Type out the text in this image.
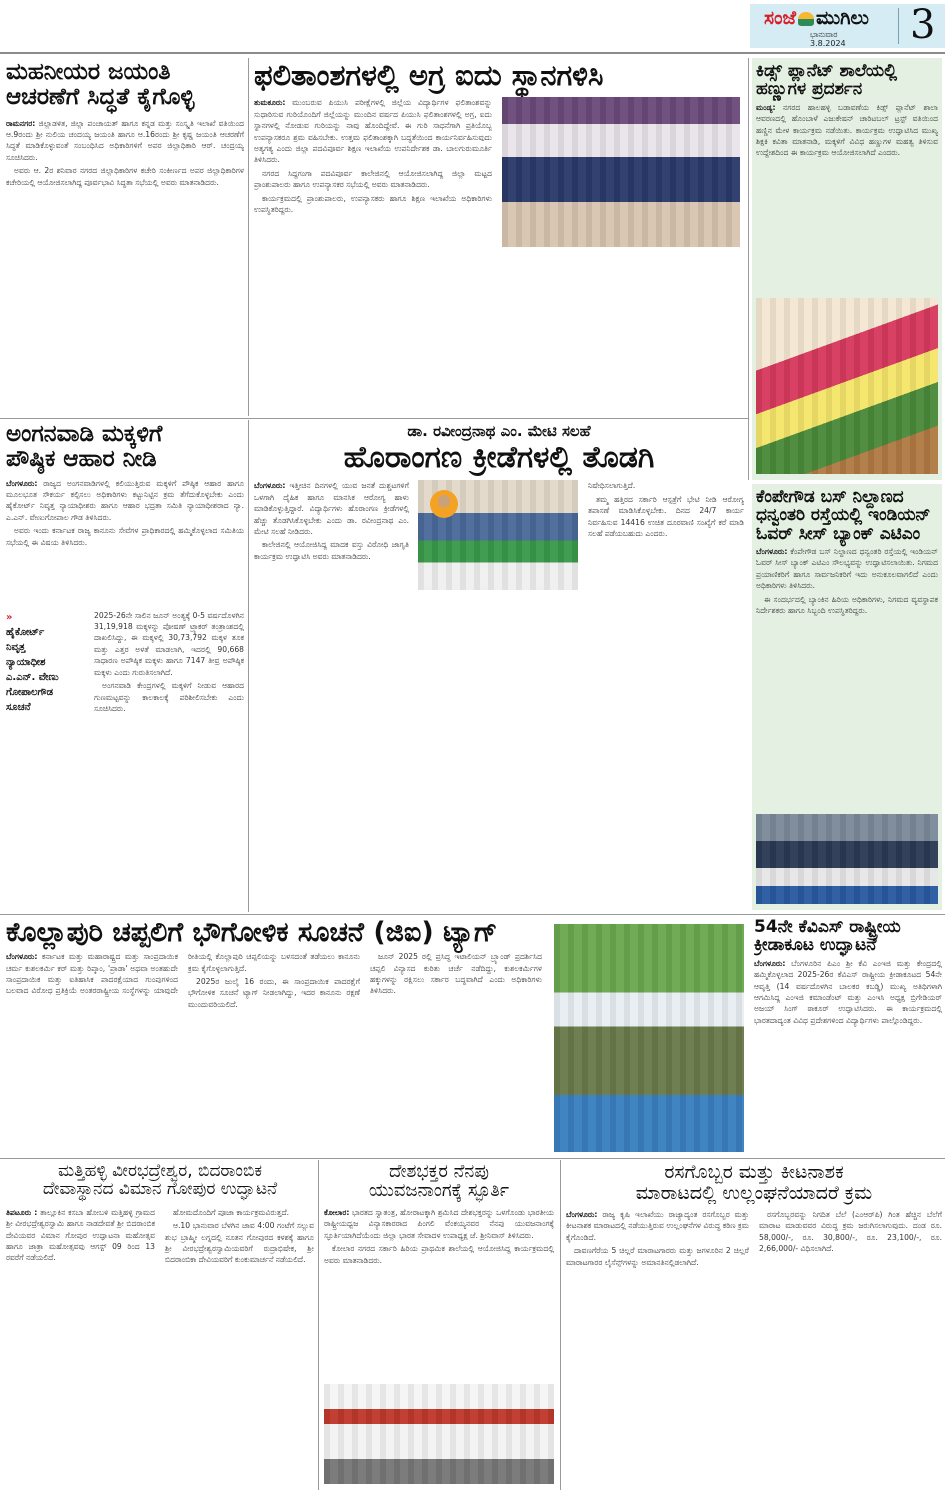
ಸಂಜೆ ಮುಗಿಲು
ಭಾನುವಾರ
3.8.2024 3
ಮಹನೀಯರ ಜಯಂತಿ
ಆಚರಣೆಗೆ ಸಿದ್ಧತೆ ಕೈಗೊಳ್ಳಿ

ರಾಮನಗರ: ಜಿಲ್ಲಾಡಳಿತ, ಜಿಲ್ಲಾ ಪಂಚಾಯತ್ ಹಾಗೂ ಕನ್ನಡ ಮತ್ತು ಸಂಸ್ಕೃತಿ ಇಲಾಖೆ ವತಿಯಿಂದ ಆ.9ರಂದು ಶ್ರೀ ನುಲಿಯ ಚಂದಯ್ಯ ಜಯಂತಿ ಹಾಗೂ ಆ.16ರಂದು ಶ್ರೀ ಕೃಷ್ಣ ಜಯಂತಿ ಆಚರಣೆಗೆ ಸಿದ್ಧತೆ ಮಾಡಿಕೊಳ್ಳುವಂತೆ ಸಂಬಂಧಿಸಿದ ಅಧಿಕಾರಿಗಳಿಗೆ ಅಪರ ಜಿಲ್ಲಾಧಿಕಾರಿ ಆರ್. ಚಂದ್ರಯ್ಯ ಸೂಚಿಸಿದರು.

ಅವರು ಆ. 2ರ ಶನಿವಾರ ನಗರದ ಜಿಲ್ಲಾಧಿಕಾರಿಗಳ ಕಚೇರಿ ಸಂಕೀರ್ಣದ ಅಪರ ಜಿಲ್ಲಾಧಿಕಾರಿಗಳ ಕಚೇರಿಯಲ್ಲಿ ಆಯೋಜಿಸಲಾಗಿದ್ದ ಪೂರ್ವಭಾವಿ ಸಿದ್ಧತಾ ಸಭೆಯಲ್ಲಿ ಅವರು ಮಾತನಾಡಿದರು.

ಫಲಿತಾಂಶಗಳಲ್ಲಿ ಅಗ್ರ ಐದು ಸ್ಥಾನಗಳಿಸಿ

ತುಮಕೂರು: ಮುಂಬರುವ ಪಿಯುಸಿ ಪರೀಕ್ಷೆಗಳಲ್ಲಿ ಜಿಲ್ಲೆಯ ವಿದ್ಯಾರ್ಥಿಗಳ ಫಲಿತಾಂಶವನ್ನು ಸುಧಾರಿಸುವ ಗುರಿಯೊಂದಿಗೆ ಜಿಲ್ಲೆಯನ್ನು ಮುಂದಿನ ವರ್ಷದ ಪಿಯುಸಿ ಫಲಿತಾಂಶಗಳಲ್ಲಿ ಅಗ್ರ, ಐದು ಸ್ಥಾನಗಳಲ್ಲಿ ನೋಡುವ ಗುರಿಯನ್ನು ನಾವು ಹೊಂದಿದ್ದೇವೆ. ಈ ಗುರಿ ಸಾಧನೆಗಾಗಿ ಪ್ರತಿಯೊಬ್ಬ ಉಪನ್ಯಾಸಕರೂ ಶ್ರಮ ವಹಿಸಬೇಕು. ಉತ್ತಮ ಫಲಿತಾಂಶಕ್ಕಾಗಿ ಬದ್ಧತೆಯಿಂದ ಕಾರ್ಯನಿರ್ವಹಿಸುವುದು ಅತ್ಯಗತ್ಯ ಎಂದು ಜಿಲ್ಲಾ ಪದವಿಪೂರ್ವ ಶಿಕ್ಷಣ ಇಲಾಖೆಯ ಉಪನಿರ್ದೇಶಕ ಡಾ. ಬಾಲಗುರುಮೂರ್ತಿ ತಿಳಿಸಿದರು.

ನಗರದ ಸಿದ್ದಗಂಗಾ ಪದವಿಪೂರ್ವ ಕಾಲೇಜಿನಲ್ಲಿ ಆಯೋಜಿಸಲಾಗಿದ್ದ ಜಿಲ್ಲಾ ಮಟ್ಟದ ಪ್ರಾಂಶುಪಾಲರು ಹಾಗೂ ಉಪನ್ಯಾಸಕರ ಸಭೆಯಲ್ಲಿ ಅವರು ಮಾತನಾಡಿದರು.

ಕಾರ್ಯಕ್ರಮದಲ್ಲಿ ಪ್ರಾಂಶುಪಾಲರು, ಉಪನ್ಯಾಸಕರು ಹಾಗೂ ಶಿಕ್ಷಣ ಇಲಾಖೆಯ ಅಧಿಕಾರಿಗಳು ಉಪಸ್ಥಿತರಿದ್ದರು.

ಕಿಡ್ಸ್ ಪ್ಲಾನೆಟ್ ಶಾಲೆಯಲ್ಲಿ
ಹಣ್ಣುಗಳ ಪ್ರದರ್ಶನ

ಮಂಡ್ಯ: ನಗರದ ಹಾಲಹಳ್ಳಿ ಬಡಾವಣೆಯ ಕಿಡ್ಸ್ ಪ್ಲಾನೆಟ್ ಶಾಲಾ ಆವರಣದಲ್ಲಿ ಹೊಂಬಾಳೆ ಎಜುಕೇಷನ್ ಚಾರಿಟಬಲ್ ಟ್ರಸ್ಟ್ ವತಿಯಿಂದ ಹಣ್ಣಿನ ಮೇಳ ಕಾರ್ಯಕ್ರಮ ನಡೆಯಿತು. ಕಾರ್ಯಕ್ರಮ ಉದ್ಘಾಟಿಸಿದ ಮುಖ್ಯ ಶಿಕ್ಷಕಿ ಕವಿತಾ ಮಾತನಾಡಿ, ಮಕ್ಕಳಿಗೆ ವಿವಿಧ ಹಣ್ಣುಗಳ ಮಹತ್ವ ತಿಳಿಸುವ ಉದ್ದೇಶದಿಂದ ಈ ಕಾರ್ಯಕ್ರಮ ಆಯೋಜಿಸಲಾಗಿದೆ ಎಂದರು.

ಅಂಗನವಾಡಿ ಮಕ್ಕಳಿಗೆ
ಪೌಷ್ಠಿಕ ಆಹಾರ ನೀಡಿ

ಬೆಂಗಳೂರು: ರಾಜ್ಯದ ಅಂಗನವಾಡಿಗಳಲ್ಲಿ ಕಲಿಯುತ್ತಿರುವ ಮಕ್ಕಳಿಗೆ ಪೌಷ್ಠಿಕ ಆಹಾರ ಹಾಗೂ ಮೂಲಭೂತ ಸೌಕರ್ಯ ಕಲ್ಪಿಸಲು ಅಧಿಕಾರಿಗಳು ಕಟ್ಟುನಿಟ್ಟಿನ ಕ್ರಮ ತೆಗೆದುಕೊಳ್ಳಬೇಕು ಎಂದು ಹೈಕೋರ್ಟ್ ನಿವೃತ್ತ ನ್ಯಾಯಾಧೀಶರು ಹಾಗೂ ಆಹಾರ ಭದ್ರತಾ ಸಮಿತಿ ನ್ಯಾಯಾಧೀಶರಾದ ನ್ಯಾ. ಎ.ಎನ್. ವೇಣುಗೋಪಾಲ ಗೌಡ ತಿಳಿಸಿದರು.

ಅವರು ಇಂದು ಕರ್ನಾಟಕ ರಾಜ್ಯ ಕಾನೂನು ಸೇವೆಗಳ ಪ್ರಾಧಿಕಾರದಲ್ಲಿ ಹಮ್ಮಿಕೊಳ್ಳಲಾದ ಸಮಿತಿಯ ಸಭೆಯಲ್ಲಿ ಈ ವಿಷಯ ತಿಳಿಸಿದರು.

»
ಹೈಕೋರ್ಟ್
ನಿವೃತ್ತ
ನ್ಯಾಯಾಧೀಶ
ಎ.ಎನ್. ವೇಣು
ಗೋಪಾಲಗೌಡ
ಸೂಚನೆ

2025-26ನೇ ಸಾಲಿನ ಜೂನ್ ಅಂತ್ಯಕ್ಕೆ 0-5 ವರ್ಷದೊಳಗಿನ 31,19,918 ಮಕ್ಕಳನ್ನು ಪೋಷಣ್ ಟ್ರ್ಯಾಕರ್ ತಂತ್ರಾಂಶದಲ್ಲಿ ದಾಖಲಿಸಿದ್ದು, ಈ ಮಕ್ಕಳಲ್ಲಿ 30,73,792 ಮಕ್ಕಳ ತೂಕ ಮತ್ತು ಎತ್ತರ ಅಳತೆ ಮಾಡಲಾಗಿ, ಇದರಲ್ಲಿ 90,668 ಸಾಧಾರಣ ಅಪೌಷ್ಠಿಕ ಮಕ್ಕಳು ಹಾಗೂ 7147 ತೀವ್ರ ಅಪೌಷ್ಠಿಕ ಮಕ್ಕಳು ಎಂದು ಗುರುತಿಸಲಾಗಿದೆ.

ಅಂಗನವಾಡಿ ಕೇಂದ್ರಗಳಲ್ಲಿ ಮಕ್ಕಳಿಗೆ ನೀಡುವ ಆಹಾರದ ಗುಣಮಟ್ಟವನ್ನು ಕಾಲಕಾಲಕ್ಕೆ ಪರಿಶೀಲಿಸಬೇಕು ಎಂದು ಸೂಚಿಸಿದರು.

ಡಾ. ರವೀಂದ್ರನಾಥ ಎಂ. ಮೇಟಿ ಸಲಹೆ
ಹೊರಾಂಗಣ ಕ್ರೀಡೆಗಳಲ್ಲಿ ತೊಡಗಿ

ಬೆಂಗಳೂರು: ಇತ್ತೀಚಿನ ದಿನಗಳಲ್ಲಿ ಯುವ ಜನತೆ ದುಶ್ಚಟಗಳಿಗೆ ಒಳಗಾಗಿ ದೈಹಿಕ ಹಾಗೂ ಮಾನಸಿಕ ಆರೋಗ್ಯ ಹಾಳು ಮಾಡಿಕೊಳ್ಳುತ್ತಿದ್ದಾರೆ. ವಿದ್ಯಾರ್ಥಿಗಳು ಹೊರಾಂಗಣ ಕ್ರೀಡೆಗಳಲ್ಲಿ ಹೆಚ್ಚು ತೊಡಗಿಸಿಕೊಳ್ಳಬೇಕು ಎಂದು ಡಾ. ರವೀಂದ್ರನಾಥ ಎಂ. ಮೇಟಿ ಸಲಹೆ ನೀಡಿದರು.

ಕಾಲೇಜಿನಲ್ಲಿ ಆಯೋಜಿಸಿದ್ದ ಮಾದಕ ವಸ್ತು ವಿರೋಧಿ ಜಾಗೃತಿ ಕಾರ್ಯಕ್ರಮ ಉದ್ಘಾಟಿಸಿ ಅವರು ಮಾತನಾಡಿದರು.

ನಿಷೇಧಿಸಲಾಗುತ್ತಿದೆ.

ತಮ್ಮ ಹತ್ತಿರದ ಸರ್ಕಾರಿ ಆಸ್ಪತ್ರೆಗೆ ಭೇಟಿ ನೀಡಿ ಆರೋಗ್ಯ ತಪಾಸಣೆ ಮಾಡಿಸಿಕೊಳ್ಳಬೇಕು. ದಿನದ 24/7 ಕಾರ್ಯ ನಿರ್ವಹಿಸುವ 14416 ಉಚಿತ ದೂರವಾಣಿ ಸಂಖ್ಯೆಗೆ ಕರೆ ಮಾಡಿ ಸಲಹೆ ಪಡೆಯಬಹುದು ಎಂದರು.

ಕೆಂಪೇಗೌಡ ಬಸ್ ನಿಲ್ದಾಣದ
ಧನ್ವಂತರಿ ರಸ್ತೆಯಲ್ಲಿ ಇಂಡಿಯನ್
ಓವರ್ ಸೀಸ್ ಬ್ಯಾಂಕ್ ಎಟಿಎಂ

ಬೆಂಗಳೂರು: ಕೆಂಪೇಗೌಡ ಬಸ್ ನಿಲ್ದಾಣದ ಧನ್ವಂತರಿ ರಸ್ತೆಯಲ್ಲಿ ಇಂಡಿಯನ್ ಓವರ್ ಸೀಸ್ ಬ್ಯಾಂಕ್ ಎಟಿಎಂ ಸೌಲಭ್ಯವನ್ನು ಉದ್ಘಾಟಿಸಲಾಯಿತು. ನಿಗಮದ ಪ್ರಯಾಣಿಕರಿಗೆ ಹಾಗೂ ಸಾರ್ವಜನಿಕರಿಗೆ ಇದು ಅನುಕೂಲವಾಗಲಿದೆ ಎಂದು ಅಧಿಕಾರಿಗಳು ತಿಳಿಸಿದರು.

ಈ ಸಂದರ್ಭದಲ್ಲಿ ಬ್ಯಾಂಕಿನ ಹಿರಿಯ ಅಧಿಕಾರಿಗಳು, ನಿಗಮದ ವ್ಯವಸ್ಥಾಪಕ ನಿರ್ದೇಶಕರು ಹಾಗೂ ಸಿಬ್ಬಂದಿ ಉಪಸ್ಥಿತರಿದ್ದರು.

ಕೊಲ್ಲಾಪುರಿ ಚಪ್ಪಲಿಗೆ ಭೌಗೋಳಿಕ ಸೂಚನೆ (ಜಿಐ) ಟ್ಯಾಗ್

ಬೆಂಗಳೂರು: ಕರ್ನಾಟಕ ಮತ್ತು ಮಹಾರಾಷ್ಟ್ರದ ಮತ್ತು ಸಾಂಪ್ರದಾಯಿಕ ಚರ್ಮ ಕುಶಲಕರ್ಮಿ ಕರ್ ಮತ್ತು ರಿಪ್ಕಾಂ, 'ಪ್ರಾಡಾ' ಅಥವಾ ಅಂತಹುದೇ ಸಾಂಪ್ರದಾಯಿಕ ಮತ್ತು ಐತಿಹಾಸಿಕ ಪಾದರಕ್ಷೆಯಾದ ಗುಂಪುಗಳಿಂದ ಬಲವಾದ ವಿರೋಧ ಪ್ರತಿಕ್ರಿಯೆ ಅಂತರರಾಷ್ಟ್ರೀಯ ಸಂಸ್ಥೆಗಳನ್ನು ಯಾವುದೇ ರೀತಿಯಲ್ಲಿ ಕೊಲ್ಲಾಪುರಿ ಚಪ್ಪಲಿಯನ್ನು ಬಳಸದಂತೆ ತಡೆಯಲು ಕಾನೂನು ಕ್ರಮ ಕೈಗೊಳ್ಳಲಾಗುತ್ತಿದೆ.

2025ರ ಜುಲೈ 16 ರಂದು, ಈ ಸಾಂಪ್ರದಾಯಿಕ ಪಾದರಕ್ಷೆಗೆ ಭೌಗೋಳಿಕ ಸೂಚನೆ ಟ್ಯಾಗ್ ನೀಡಲಾಗಿದ್ದು, ಇದರ ಕಾನೂನು ರಕ್ಷಣೆ ಮುಂದುವರಿಯಲಿದೆ.

ಜೂನ್ 2025 ರಲ್ಲಿ ಪ್ರಸಿದ್ಧ ಇಟಾಲಿಯನ್ ಬ್ರ್ಯಾಂಡ್ ಪ್ರದರ್ಶಿಸಿದ ಚಪ್ಪಲಿ ವಿನ್ಯಾಸದ ಕುರಿತು ಚರ್ಚೆ ನಡೆದಿದ್ದು, ಕುಶಲಕರ್ಮಿಗಳ ಹಕ್ಕುಗಳನ್ನು ರಕ್ಷಿಸಲು ಸರ್ಕಾರ ಬದ್ಧವಾಗಿದೆ ಎಂದು ಅಧಿಕಾರಿಗಳು ತಿಳಿಸಿದರು.

54ನೇ ಕೆವಿಎಸ್ ರಾಷ್ಟ್ರೀಯ
ಕ್ರೀಡಾಕೂಟ ಉದ್ಘಾಟನೆ

ಬೆಂಗಳೂರು: ಬೆಂಗಳೂರಿನ ಪಿಎಂ ಶ್ರೀ ಕೆವಿ ಎಂಇಜಿ ಮತ್ತು ಕೇಂದ್ರದಲ್ಲಿ ಹಮ್ಮಿಕೊಳ್ಳಲಾದ 2025-26ರ ಕೆವಿಎಸ್ ರಾಷ್ಟ್ರೀಯ ಕ್ರೀಡಾಕೂಟದ 54ನೇ ಆವೃತ್ತಿ (14 ವರ್ಷದೊಳಗಿನ ಬಾಲಕರ ಕಬಡ್ಡಿ) ಮುಖ್ಯ ಅತಿಥಿಗಳಾಗಿ ಆಗಮಿಸಿದ್ದ ಎಂಇಜಿ ಕಮಾಂಡೆಂಟ್ ಮತ್ತು ಎಂಇಸಿ ಅಧ್ಯಕ್ಷ ಬ್ರಿಗೇಡಿಯರ್ ಅಜಯ್ ಸಿಂಗ್ ಠಾಕೂರ್ ಉದ್ಘಾಟಿಸಿದರು. ಈ ಕಾರ್ಯಕ್ರಮದಲ್ಲಿ ಭಾರತದಾದ್ಯಂತ ವಿವಿಧ ಪ್ರದೇಶಗಳಿಂದ ವಿದ್ಯಾರ್ಥಿಗಳು ಪಾಲ್ಗೊಂಡಿದ್ದರು.

ಮತ್ತಿಹಳ್ಳಿ ವೀರಭದ್ರೇಶ್ವರ, ಬಿದರಾಂಬಿಕ
ದೇವಾಸ್ಥಾನದ ವಿಮಾನ ಗೋಪುರ ಉದ್ಘಾಟನೆ

ತಿಪಟೂರು : ತಾಲ್ಲೂಕಿನ ಕಸಬಾ ಹೋಬಳಿ ಮತ್ತಿಹಳ್ಳಿ ಗ್ರಾಮದ ಶ್ರೀ ವೀರಭದ್ರೇಶ್ವರಸ್ವಾಮಿ ಹಾಗೂ ನಾಡದೇವತೆ ಶ್ರೀ ಬಿದರಾಂಬಿಕ ದೇವಿಯವರ ವಿಮಾನ ಗೋಪುರ ಉದ್ಘಾಟನಾ ಮಹೋತ್ಸವ ಹಾಗೂ ಜಾತ್ರಾ ಮಹೋತ್ಸವವು ಆಗಸ್ಟ್ 09 ರಿಂದ 13 ರವರೆಗೆ ನಡೆಯಲಿದೆ.

ಹೋಮದೊಂದಿಗೆ ಪೂಜಾ ಕಾರ್ಯಕ್ರಮವಿರುತ್ತದೆ.

ಆ.10 ಭಾನುವಾರ ಬೆಳಗಿನ ಜಾವ 4:00 ಗಂಟೆಗೆ ಸಲ್ಲುವ ಶುಭ ಬ್ರಾಹ್ಮೀ ಲಗ್ನದಲ್ಲಿ ನೂತನ ಗೋಪುರದ ಕಳಶಕ್ಕೆ ಹಾಗೂ ಶ್ರೀ ವೀರಭದ್ರೇಶ್ವರಸ್ವಾಮಿಯವರಿಗೆ ರುದ್ರಾಭಿಷೇಕ, ಶ್ರೀ ಬಿದರಾಂಬಿಕಾ ದೇವಿಯವರಿಗೆ ಕುಂಕುಮಾರ್ಚನೆ ನಡೆಯಲಿದೆ.

ದೇಶಭಕ್ತರ ನೆನಪು
ಯುವಜನಾಂಗಕ್ಕೆ ಸ್ಫೂರ್ತಿ

ಕೋಲಾರ: ಭಾರತದ ಸ್ವಾತಂತ್ರ, ಹೋರಾಟಕ್ಕಾಗಿ ಶ್ರಮಿಸಿದ ದೇಶಭಕ್ತರನ್ನು ಒಳಗೊಂಡು ಭಾರತೀಯ ರಾಷ್ಟ್ರೀಯಧ್ವಜ ವಿನ್ಯಾಸಕಾರರಾದ ಪಿಂಗಲಿ ವೆಂಕಯ್ಯನವರ ನೆನಪು ಯುವಜನಾಂಗಕ್ಕೆ ಸ್ಫೂರ್ತಿಯಾಗಿದೆಯೆಂದು ಜಿಲ್ಲಾ ಭಾರತ ಸೇವಾದಳ ಉಪಾಧ್ಯಕ್ಷ ಜೆ. ಶ್ರೀನಿವಾಸ್ ತಿಳಿಸಿದರು.

ಕೋಲಾರ ನಗರದ ಸರ್ಕಾರಿ ಹಿರಿಯ ಪ್ರಾಥಮಿಕ ಶಾಲೆಯಲ್ಲಿ ಆಯೋಜಿಸಿದ್ದ ಕಾರ್ಯಕ್ರಮದಲ್ಲಿ ಅವರು ಮಾತನಾಡಿದರು.

ರಸಗೊಬ್ಬರ ಮತ್ತು ಕೀಟನಾಶಕ
ಮಾರಾಟದಲ್ಲಿ ಉಲ್ಲಂಘನೆಯಾದರೆ ಕ್ರಮ

ಬೆಂಗಳೂರು: ರಾಜ್ಯ ಕೃಷಿ ಇಲಾಖೆಯು ರಾಜ್ಯಾದ್ಯಂತ ರಸಗೊಬ್ಬರ ಮತ್ತು ಕೀಟನಾಶಕ ಮಾರಾಟದಲ್ಲಿ ನಡೆಯುತ್ತಿರುವ ಉಲ್ಲಂಘನೆಗಳ ವಿರುದ್ಧ ಕಠಿಣ ಕ್ರಮ ಕೈಗೊಂಡಿದೆ.

ದಾವಣಗೆರೆಯ 5 ಚಿಲ್ಲರೆ ಮಾರಾಟಗಾರರು ಮತ್ತು ಜಗಳೂರಿನ 2 ಚಿಲ್ಲರೆ ಮಾರಾಟಗಾರರ ಲೈಸೆನ್ಸ್‌ಗಳನ್ನು ಅಮಾನತಿನಲ್ಲಿಡಲಾಗಿದೆ.

ರಸಗೊಬ್ಬರವನ್ನು ನಿಗದಿತ ಬೆಲೆ (ಎಂಆರ್‌ಪಿ) ಗಿಂತ ಹೆಚ್ಚಿನ ಬೆಲೆಗೆ ಮಾರಾಟ ಮಾಡುವವರ ವಿರುದ್ಧ ಕ್ರಮ ಜರುಗಿಸಲಾಗುವುದು. ದಂಡ ರೂ. 58,000/-, ರೂ. 30,800/-, ರೂ. 23,100/-, ರೂ. 2,66,000/- ವಿಧಿಸಲಾಗಿದೆ.
